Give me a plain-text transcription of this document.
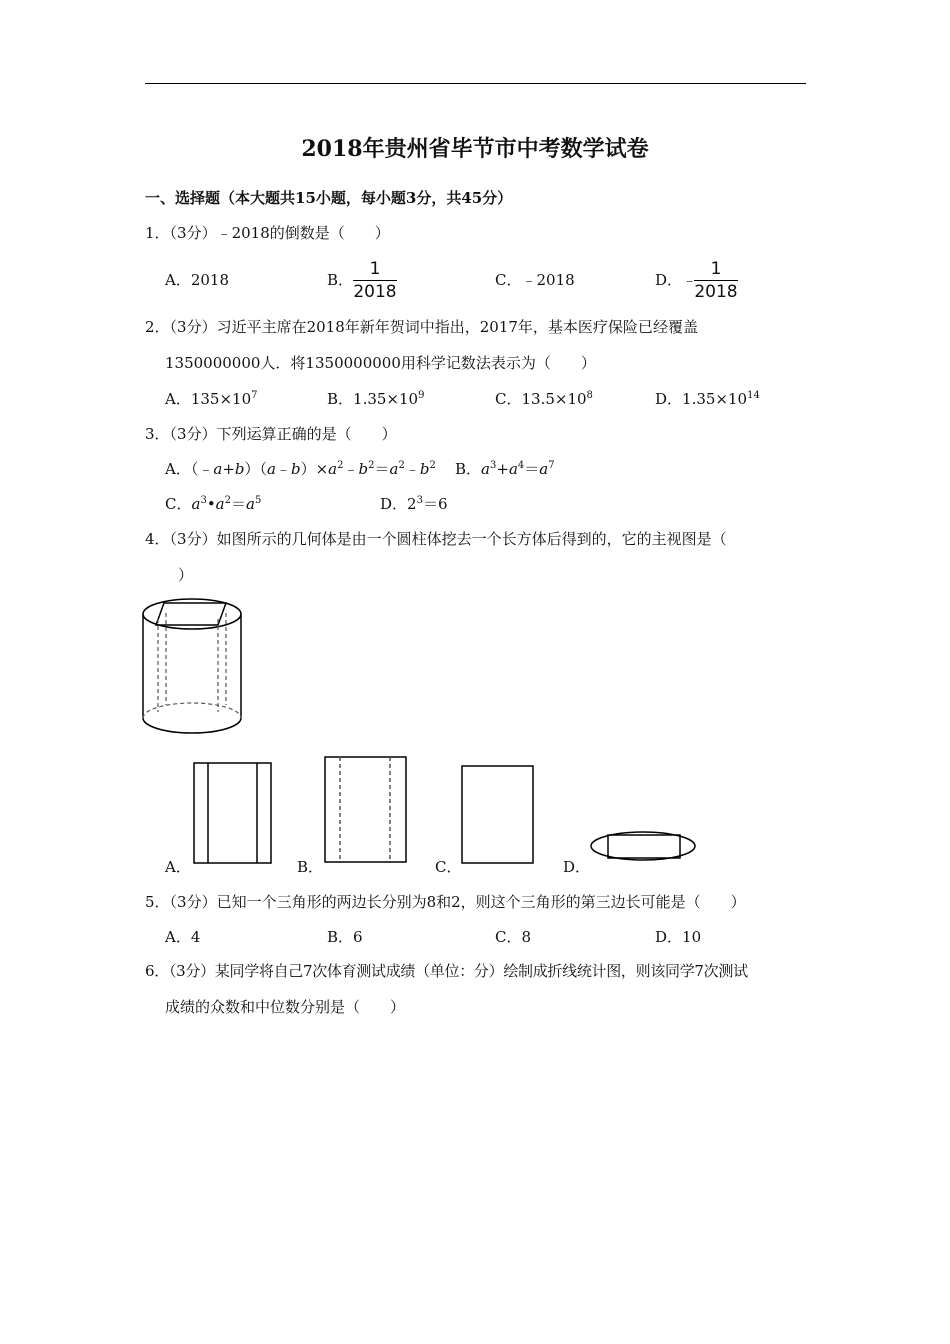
2018年贵州省毕节市中考数学试卷
一、选择题（本大题共15小题，每小题3分，共45分）
1．（3分）﹣2018的倒数是（　　）
A．2018	B．
1
2018
C．﹣2018	D． ﹣
1
2018
2．（3分）习近平主席在2018年新年贺词中指出，2017年，基本医疗保险已经覆盖
1350000000人．将1350000000用科学记数法表示为（　　）
A．$135\times 10^7$	B．$1.35\times 10^9$	C．$13.5\times 10^8$	D．$1.35\times 10^{14}$
3．（3分）下列运算正确的是（　　）
A．$(﹣a+b)(a﹣b)\times a^2﹣b^2=a^2﹣b^2$ B．$a^3+a^4=a^7$
C．$a^3•a^2=a^5$	D．$2^3=6$
4．（3分）如图所示的几何体是由一个圆柱体挖去一个长方体后得到的，它的主视图是（
）
A．	B．	C．	D．
5．（3分）已知一个三角形的两边长分别为8和2，则这个三角形的第三边长可能是（　　）
A．4	B．6	C．8	D．10
6．（3分）某同学将自己7次体育测试成绩（单位：分）绘制成折线统计图，则该同学7次测试
成绩的众数和中位数分别是（　　）
